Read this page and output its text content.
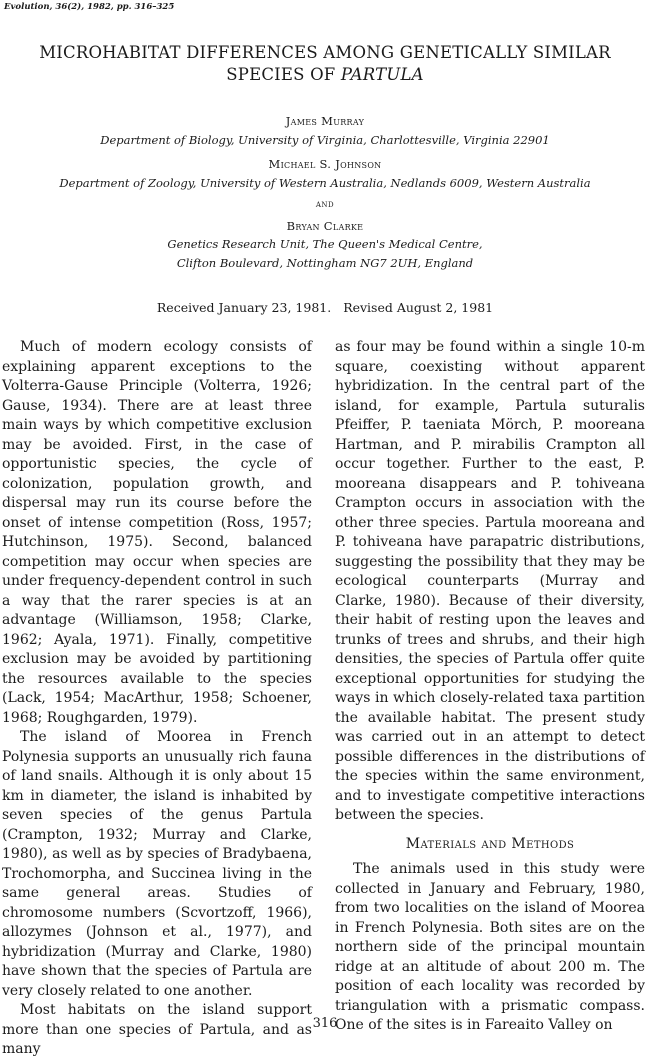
Evolution, 36(2), 1982, pp. 316–325
MICROHABITAT DIFFERENCES AMONG GENETICALLY SIMILAR
SPECIES OF PARTULA
James Murray
Department of Biology, University of Virginia, Charlottesville, Virginia 22901
Michael S. Johnson
Department of Zoology, University of Western Australia, Nedlands 6009, Western Australia
and
Bryan Clarke
Genetics Research Unit, The Queen's Medical Centre,
Clifton Boulevard, Nottingham NG7 2UH, England
Received January 23, 1981. Revised August 2, 1981

Much of modern ecology consists of explaining apparent exceptions to the Volterra-Gause Principle (Volterra, 1926; Gause, 1934). There are at least three main ways by which competitive exclusion may be avoided. First, in the case of opportunistic species, the cycle of colonization, population growth, and dispersal may run its course before the onset of intense competition (Ross, 1957; Hutchinson, 1975). Second, balanced competition may occur when species are under frequency-dependent control in such a way that the rarer species is at an advantage (Williamson, 1958; Clarke, 1962; Ayala, 1971). Finally, competitive exclusion may be avoided by partitioning the resources available to the species (Lack, 1954; MacArthur, 1958; Schoener, 1968; Roughgarden, 1979).

The island of Moorea in French Polynesia supports an unusually rich fauna of land snails. Although it is only about 15 km in diameter, the island is inhabited by seven species of the genus Partula (Crampton, 1932; Murray and Clarke, 1980), as well as by species of Bradybaena, Trochomorpha, and Succinea living in the same general areas. Studies of chromosome numbers (Scvortzoff, 1966), allozymes (Johnson et al., 1977), and hybridization (Murray and Clarke, 1980) have shown that the species of Partula are very closely related to one another.

Most habitats on the island support more than one species of Partula, and as many

as four may be found within a single 10-m square, coexisting without apparent hybridization. In the central part of the island, for example, Partula suturalis Pfeiffer, P. taeniata Mörch, P. mooreana Hartman, and P. mirabilis Crampton all occur together. Further to the east, P. mooreana disappears and P. tohiveana Crampton occurs in association with the other three species. Partula mooreana and P. tohiveana have parapatric distributions, suggesting the possibility that they may be ecological counterparts (Murray and Clarke, 1980). Because of their diversity, their habit of resting upon the leaves and trunks of trees and shrubs, and their high densities, the species of Partula offer quite exceptional opportunities for studying the ways in which closely-related taxa partition the available habitat. The present study was carried out in an attempt to detect possible differences in the distributions of the species within the same environment, and to investigate competitive interactions between the species.

Materials and Methods

The animals used in this study were collected in January and February, 1980, from two localities on the island of Moorea in French Polynesia. Both sites are on the northern side of the principal mountain ridge at an altitude of about 200 m. The position of each locality was recorded by triangulation with a prismatic compass. One of the sites is in Fareaito Valley on

316
